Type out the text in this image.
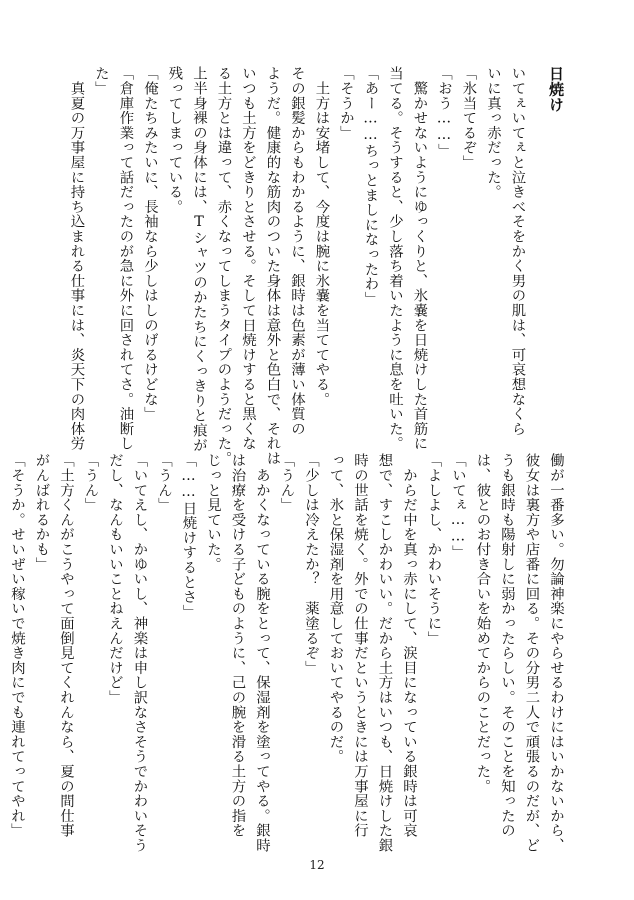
日焼け

いてぇいてぇと泣きべそをかく男の肌は、可哀想なくら

いに真っ赤だった。

「氷当てるぞ」

「おう……」

　驚かせないようにゆっくりと、氷嚢を日焼けした首筋に

当てる。そうすると、少し落ち着いたように息を吐いた。

「あー……ちっとましになったわ」

「そうか」

　土方は安堵して、今度は腕に氷嚢を当ててやる。

その銀髪からもわかるように、銀時は色素が薄い体質の

ようだ。健康的な筋肉のついた身体は意外と色白で、それは

いつも土方をどきりとさせる。そして日焼けすると黒くな

る土方とは違って、赤くなってしまうタイプのようだった。

上半身裸の身体には、Tシャツのかたちにくっきりと痕が

残ってしまっている。

「俺たちみたいに、長袖なら少しはしのげるけどな」

「倉庫作業って話だったのが急に外に回されてさ。油断し

た」

　真夏の万事屋に持ち込まれる仕事には、炎天下の肉体労

働が一番多い。勿論神楽にやらせるわけにはいかないから、

彼女は裏方や店番に回る。その分男二人で頑張るのだが、ど

うも銀時も陽射しに弱かったらしい。そのことを知ったの

は、彼とのお付き合いを始めてからのことだった。

「いてぇ……」

「よしよし、かわいそうに」

　からだ中を真っ赤にして、涙目になっている銀時は可哀

想で、すこしかわいい。だから土方はいつも、日焼けした銀

時の世話を焼く。外での仕事だというときには万事屋に行

って、氷と保湿剤を用意しておいてやるのだ。

「少しは冷えたか？　薬塗るぞ」

「うん」

　あかくなっている腕をとって、保湿剤を塗ってやる。銀時

は治療を受ける子どものように、己の腕を滑る土方の指を

じっと見ていた。

「……日焼けするとさ」

「うん」

「いてえし、かゆいし、神楽は申し訳なさそうでかわいそう

だし、なんもいいことねえんだけど」

「うん」

「土方くんがこうやって面倒見てくれんなら、夏の間仕事

がんばれるかも」

「そうか。せいぜい稼いで焼き肉にでも連れてってやれ」

12
